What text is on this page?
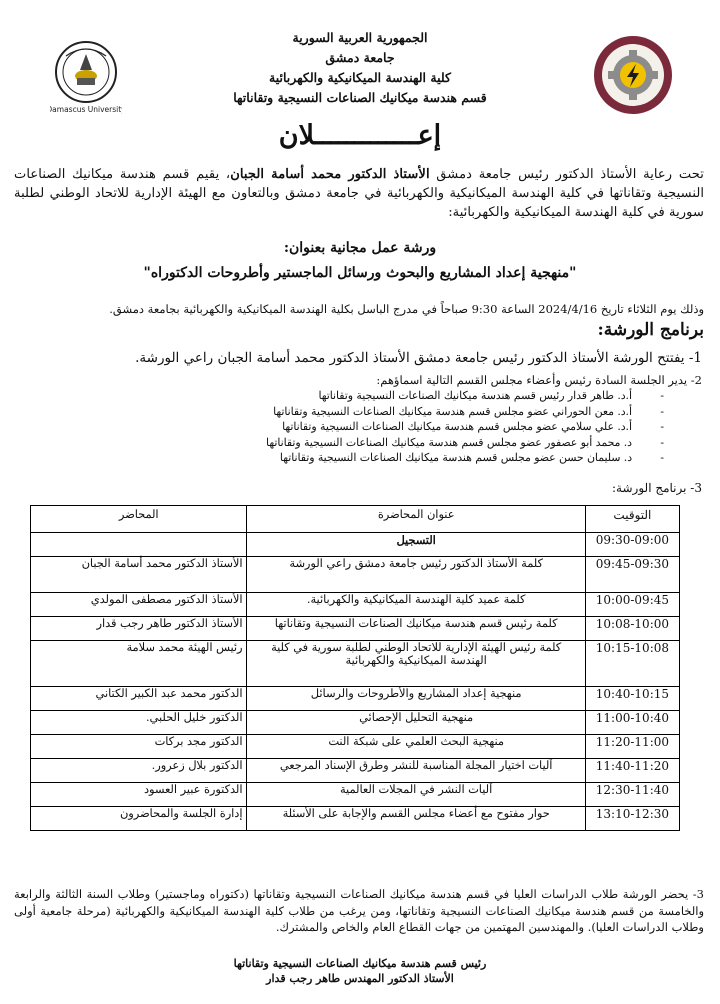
الجمهورية العربية السورية
جامعة دمشق
كلية الهندسة الميكانيكية والكهربائية
قسم هندسة ميكانيك الصناعات النسيجية وتقاناتها
Damascus University
إعـــــــــــــلان
تحت رعاية الأستاذ الدكتور رئيس جامعة دمشق الأستاذ الدكتور محمد أسامة الجبان، يقيم قسم هندسة ميكانيك الصناعات النسيجية وتقاناتها في كلية الهندسة الميكانيكية والكهربائية في جامعة دمشق وبالتعاون مع الهيئة الإدارية للاتحاد الوطني لطلبة سورية في كلية الهندسة الميكانيكية والكهربائية:
ورشة عمل مجانية بعنوان:
"منهجية إعداد المشاريع والبحوث ورسائل الماجستير وأطروحات الدكتوراه"
وذلك يوم الثلاثاء تاريخ 2024/4/16 الساعة 9:30 صباحاً في مدرج الباسل بكلية الهندسة الميكانيكية والكهربائية بجامعة دمشق.
برنامج الورشة:
1- يفتتح الورشة الأستاذ الدكتور رئيس جامعة دمشق الأستاذ الدكتور محمد أسامة الجبان راعي الورشة.
2- يدير الجلسة السادة رئيس وأعضاء مجلس القسم التالية اسماؤهم:
-أ.د. طاهر قدار رئيس قسم هندسة ميكانيك الصناعات النسيجية وتقاناتها
-أ.د. معن الحوراني عضو مجلس قسم هندسة ميكانيك الصناعات النسيجية وتقاناتها
-أ.د. علي سلامي عضو مجلس قسم هندسة ميكانيك الصناعات النسيجية وتقاناتها
-د. محمد أبو عصفور عضو مجلس قسم هندسة ميكانيك الصناعات النسيجية وتقاناتها
-د. سليمان حسن عضو مجلس قسم هندسة ميكانيك الصناعات النسيجية وتقاناتها
3- برنامج الورشة:
التوقيت	عنوان المحاضرة	المحاضر
09:30-09:00	التسجيل	
09:45-09:30	كلمة الأستاذ الدكتور رئيس جامعة دمشق راعي الورشة	الأستاذ الدكتور محمد أسامة الجبان
10:00-09:45	كلمة عميد كلية الهندسة الميكانيكية والكهربائية.	الأستاذ الدكتور مصطفى المولدي
10:08-10:00	كلمة رئيس قسم هندسة ميكانيك الصناعات النسيجية وتقاناتها	الأستاذ الدكتور طاهر رجب قدار
10:15-10:08	كلمة رئيس الهيئة الإدارية للاتحاد الوطني لطلبة سورية في كلية الهندسة الميكانيكية والكهربائية	رئيس الهيئة محمد سلامة
10:40-10:15	منهجية إعداد المشاريع والأطروحات والرسائل	الدكتور محمد عبد الكبير الكتاني
11:00-10:40	منهجية التحليل الإحصائي	الدكتور خليل الحلبي.
11:20-11:00	منهجية البحث العلمي على شبكة النت	الدكتور مجد بركات
11:40-11:20	آليات اختيار المجلة المناسبة للنشر وطرق الإسناد المرجعي	الدكتور بلال زعرور.
12:30-11:40	آليات النشر في المجلات العالمية	الدكتورة عبير العسود
13:10-12:30	حوار مفتوح مع أعضاء مجلس القسم والإجابة على الأسئلة	إدارة الجلسة والمحاضرون
3- يحضر الورشة طلاب الدراسات العليا في قسم هندسة ميكانيك الصناعات النسيجية وتقاناتها (دكتوراه وماجستير) وطلاب السنة الثالثة والرابعة والخامسة من قسم هندسة ميكانيك الصناعات النسيجية وتقاناتها، ومن يرغب من طلاب كلية الهندسة الميكانيكية والكهربائية (مرحلة جامعية أولى وطلاب الدراسات العليا). والمهندسين المهتمين من جهات القطاع العام والخاص والمشترك.
رئيس قسم هندسة ميكانيك الصناعات النسيجية وتقاناتها
الأستاذ الدكتور المهندس طاهر رجب قدار
